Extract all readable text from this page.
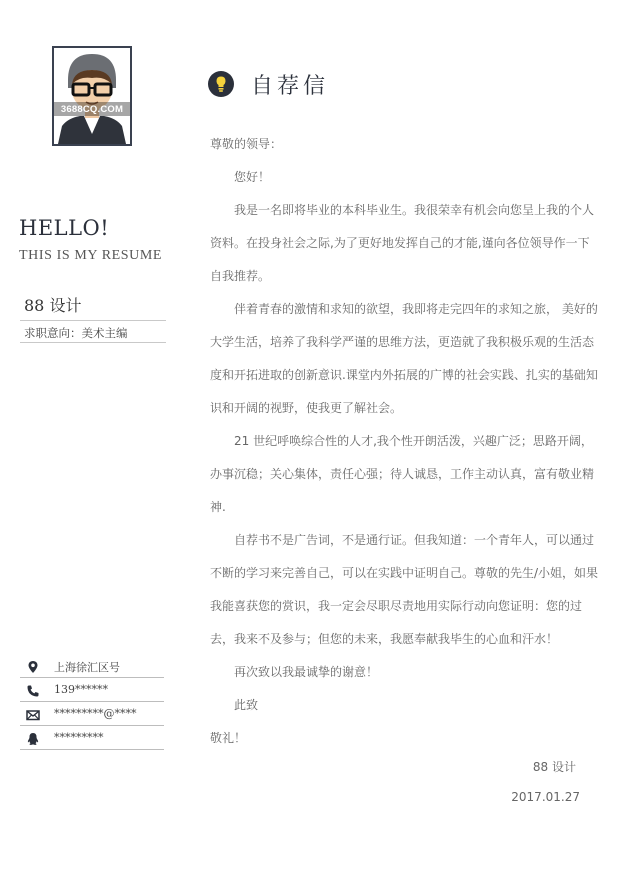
3688CQ.COM
HELLO!
THIS IS MY RESUME
88 设计
求职意向：美术主编
上海徐汇区号
139******
*********@****
*********
自荐信

尊敬的领导：

您好！

我是一名即将毕业的本科毕业生。我很荣幸有机会向您呈上我的个人资料。在投身社会之际,为了更好地发挥自己的才能,谨向各位领导作一下自我推荐。

伴着青春的激情和求知的欲望，我即将走完四年的求知之旅， 美好的大学生活，培养了我科学严谨的思维方法，更造就了我积极乐观的生活态度和开拓进取的创新意识.课堂内外拓展的广博的社会实践、扎实的基础知识和开阔的视野，使我更了解社会。

21 世纪呼唤综合性的人才,我个性开朗活泼，兴趣广泛；思路开阔，办事沉稳；关心集体，责任心强；待人诚恳，工作主动认真，富有敬业精神.

自荐书不是广告词，不是通行证。但我知道：一个青年人，可以通过不断的学习来完善自己，可以在实践中证明自己。尊敬的先生/小姐，如果我能喜获您的赏识，我一定会尽职尽责地用实际行动向您证明：您的过去，我来不及参与；但您的未来，我愿奉献我毕生的心血和汗水！

再次致以我最诚挚的谢意！

此致

敬礼！

88 设计
2017.01.27
